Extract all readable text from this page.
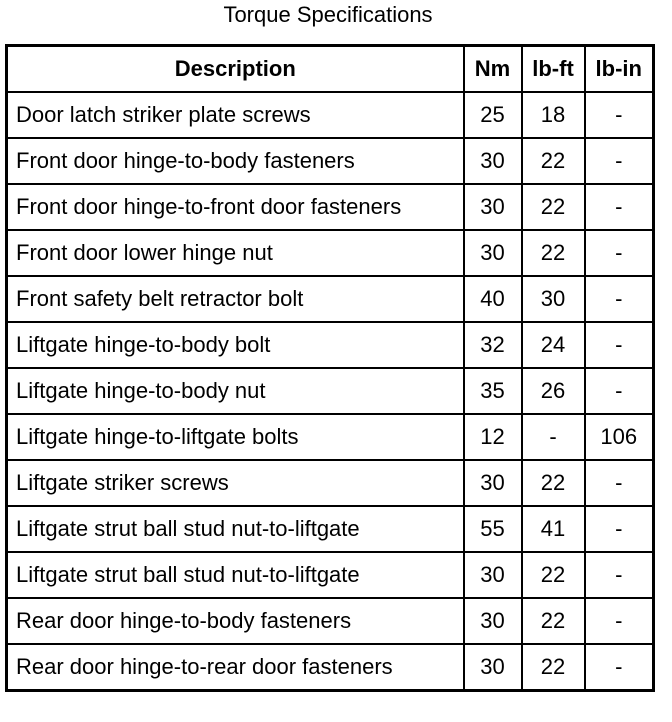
Torque Specifications
Description	Nm	lb-ft	lb-in
Door latch striker plate screws	25	18	-
Front door hinge-to-body fasteners	30	22	-
Front door hinge-to-front door fasteners	30	22	-
Front door lower hinge nut	30	22	-
Front safety belt retractor bolt	40	30	-
Liftgate hinge-to-body bolt	32	24	-
Liftgate hinge-to-body nut	35	26	-
Liftgate hinge-to-liftgate bolts	12	-	106
Liftgate striker screws	30	22	-
Liftgate strut ball stud nut-to-liftgate	55	41	-
Liftgate strut ball stud nut-to-liftgate	30	22	-
Rear door hinge-to-body fasteners	30	22	-
Rear door hinge-to-rear door fasteners	30	22	-
